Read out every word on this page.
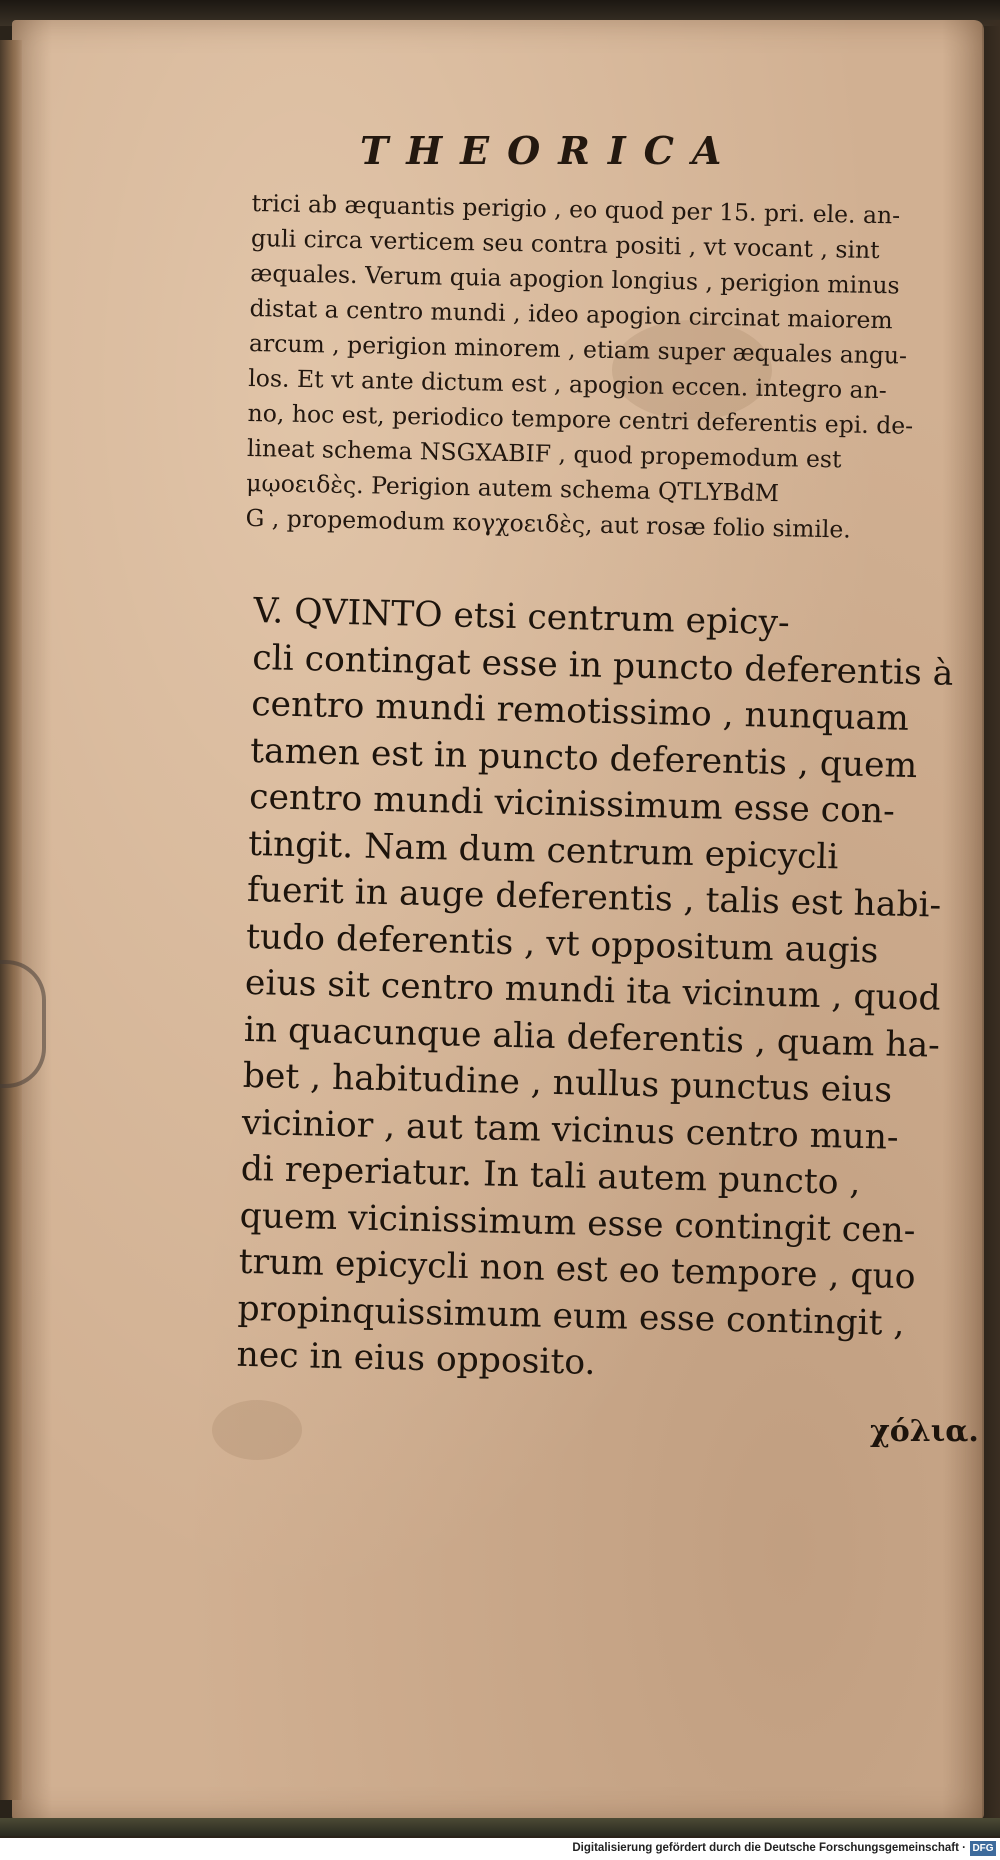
THEORICA
trici ab æquantis perigio , eo quod per 15. pri. ele. an-
guli circa verticem seu contra positi , vt vocant , sint
æquales. Verum quia apogion longius , perigion minus
distat a centro mundi , ideo apogion circinat maiorem
arcum , perigion minorem , etiam super æquales angu-
los. Et vt ante dictum est , apogion eccen. integro an-
no, hoc est, periodico tempore centri deferentis epi. de-
lineat schema NSGXABIF , quod propemodum est
μῳοειδὲς. Perigion autem schema QTLYBdM
G , propemodum κογχοειδὲς, aut rosæ folio simile.
V. QVINTO etsi centrum epicy-
cli contingat esse in puncto deferentis à
centro mundi remotissimo , nunquam
tamen est in puncto deferentis , quem
centro mundi vicinissimum esse con-
tingit. Nam dum centrum epicycli
fuerit in auge deferentis , talis est habi-
tudo deferentis , vt oppositum augis
eius sit centro mundi ita vicinum , quod
in quacunque alia deferentis , quam ha-
bet , habitudine , nullus punctus eius
vicinior , aut tam vicinus centro mun-
di reperiatur. In tali autem puncto ,
quem vicinissimum esse contingit cen-
trum epicycli non est eo tempore , quo
propinquissimum eum esse contingit ,
nec in eius opposito.
χόλια.
Digitalisierung gefördert durch die Deutsche Forschungsgemeinschaft · DFG
